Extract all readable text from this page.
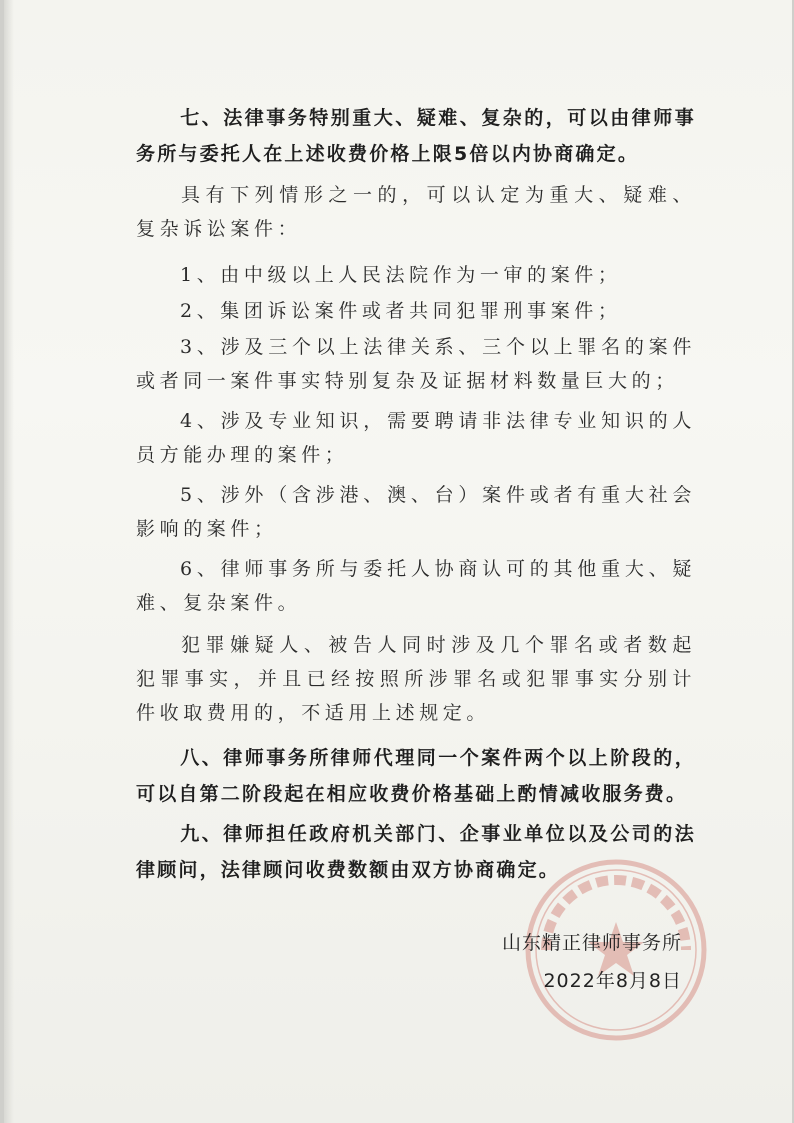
七、法律事务特别重大、疑难、复杂的，可以由律师事务所与委托人在上述收费价格上限5倍以内协商确定。

具有下列情形之一的，可以认定为重大、疑难、复杂诉讼案件：

1、由中级以上人民法院作为一审的案件；

2、集团诉讼案件或者共同犯罪刑事案件；

3、涉及三个以上法律关系、三个以上罪名的案件或者同一案件事实特别复杂及证据材料数量巨大的；

4、涉及专业知识，需要聘请非法律专业知识的人员方能办理的案件；

5、涉外（含涉港、澳、台）案件或者有重大社会影响的案件；

6、律师事务所与委托人协商认可的其他重大、疑难、复杂案件。

犯罪嫌疑人、被告人同时涉及几个罪名或者数起犯罪事实，并且已经按照所涉罪名或犯罪事实分别计件收取费用的，不适用上述规定。

八、律师事务所律师代理同一个案件两个以上阶段的，可以自第二阶段起在相应收费价格基础上酌情减收服务费。

九、律师担任政府机关部门、企事业单位以及公司的法律顾问，法律顾问收费数额由双方协商确定。

山东精正律师事务所
2022年8月8日
